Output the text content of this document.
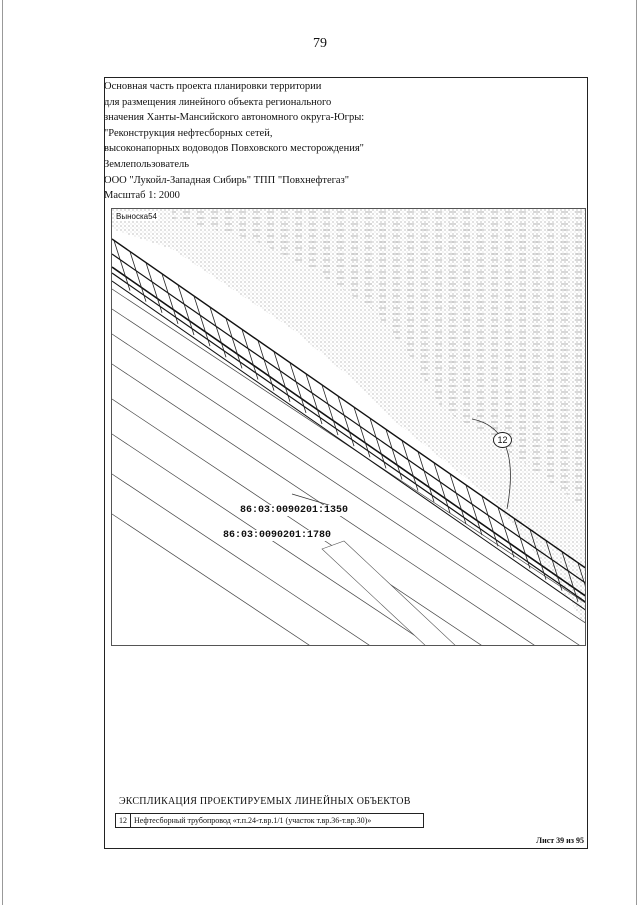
79
Основная часть проекта планировки территории
для размещения линейного объекта регионального
значения Ханты-Мансийского автономного округа-Югры:
"Реконструкция нефтесборных сетей,
высоконапорных водоводов Повховского месторождения"
Землепользователь
ООО "Лукойл-Западная Сибирь" ТПП "Повхнефтегаз"
Масштаб 1: 2000
Выноска54
86:03:0090201:1350
86:03:0090201:1780
12
ЭКСПЛИКАЦИЯ ПРОЕКТИРУЕМЫХ ЛИНЕЙНЫХ ОБЪЕКТОВ
12 Нефтесборный трубопровод «т.п.24-т.вр.1/1 (участок т.вр.36-т.вр.30)»
Лист 39 из 95
